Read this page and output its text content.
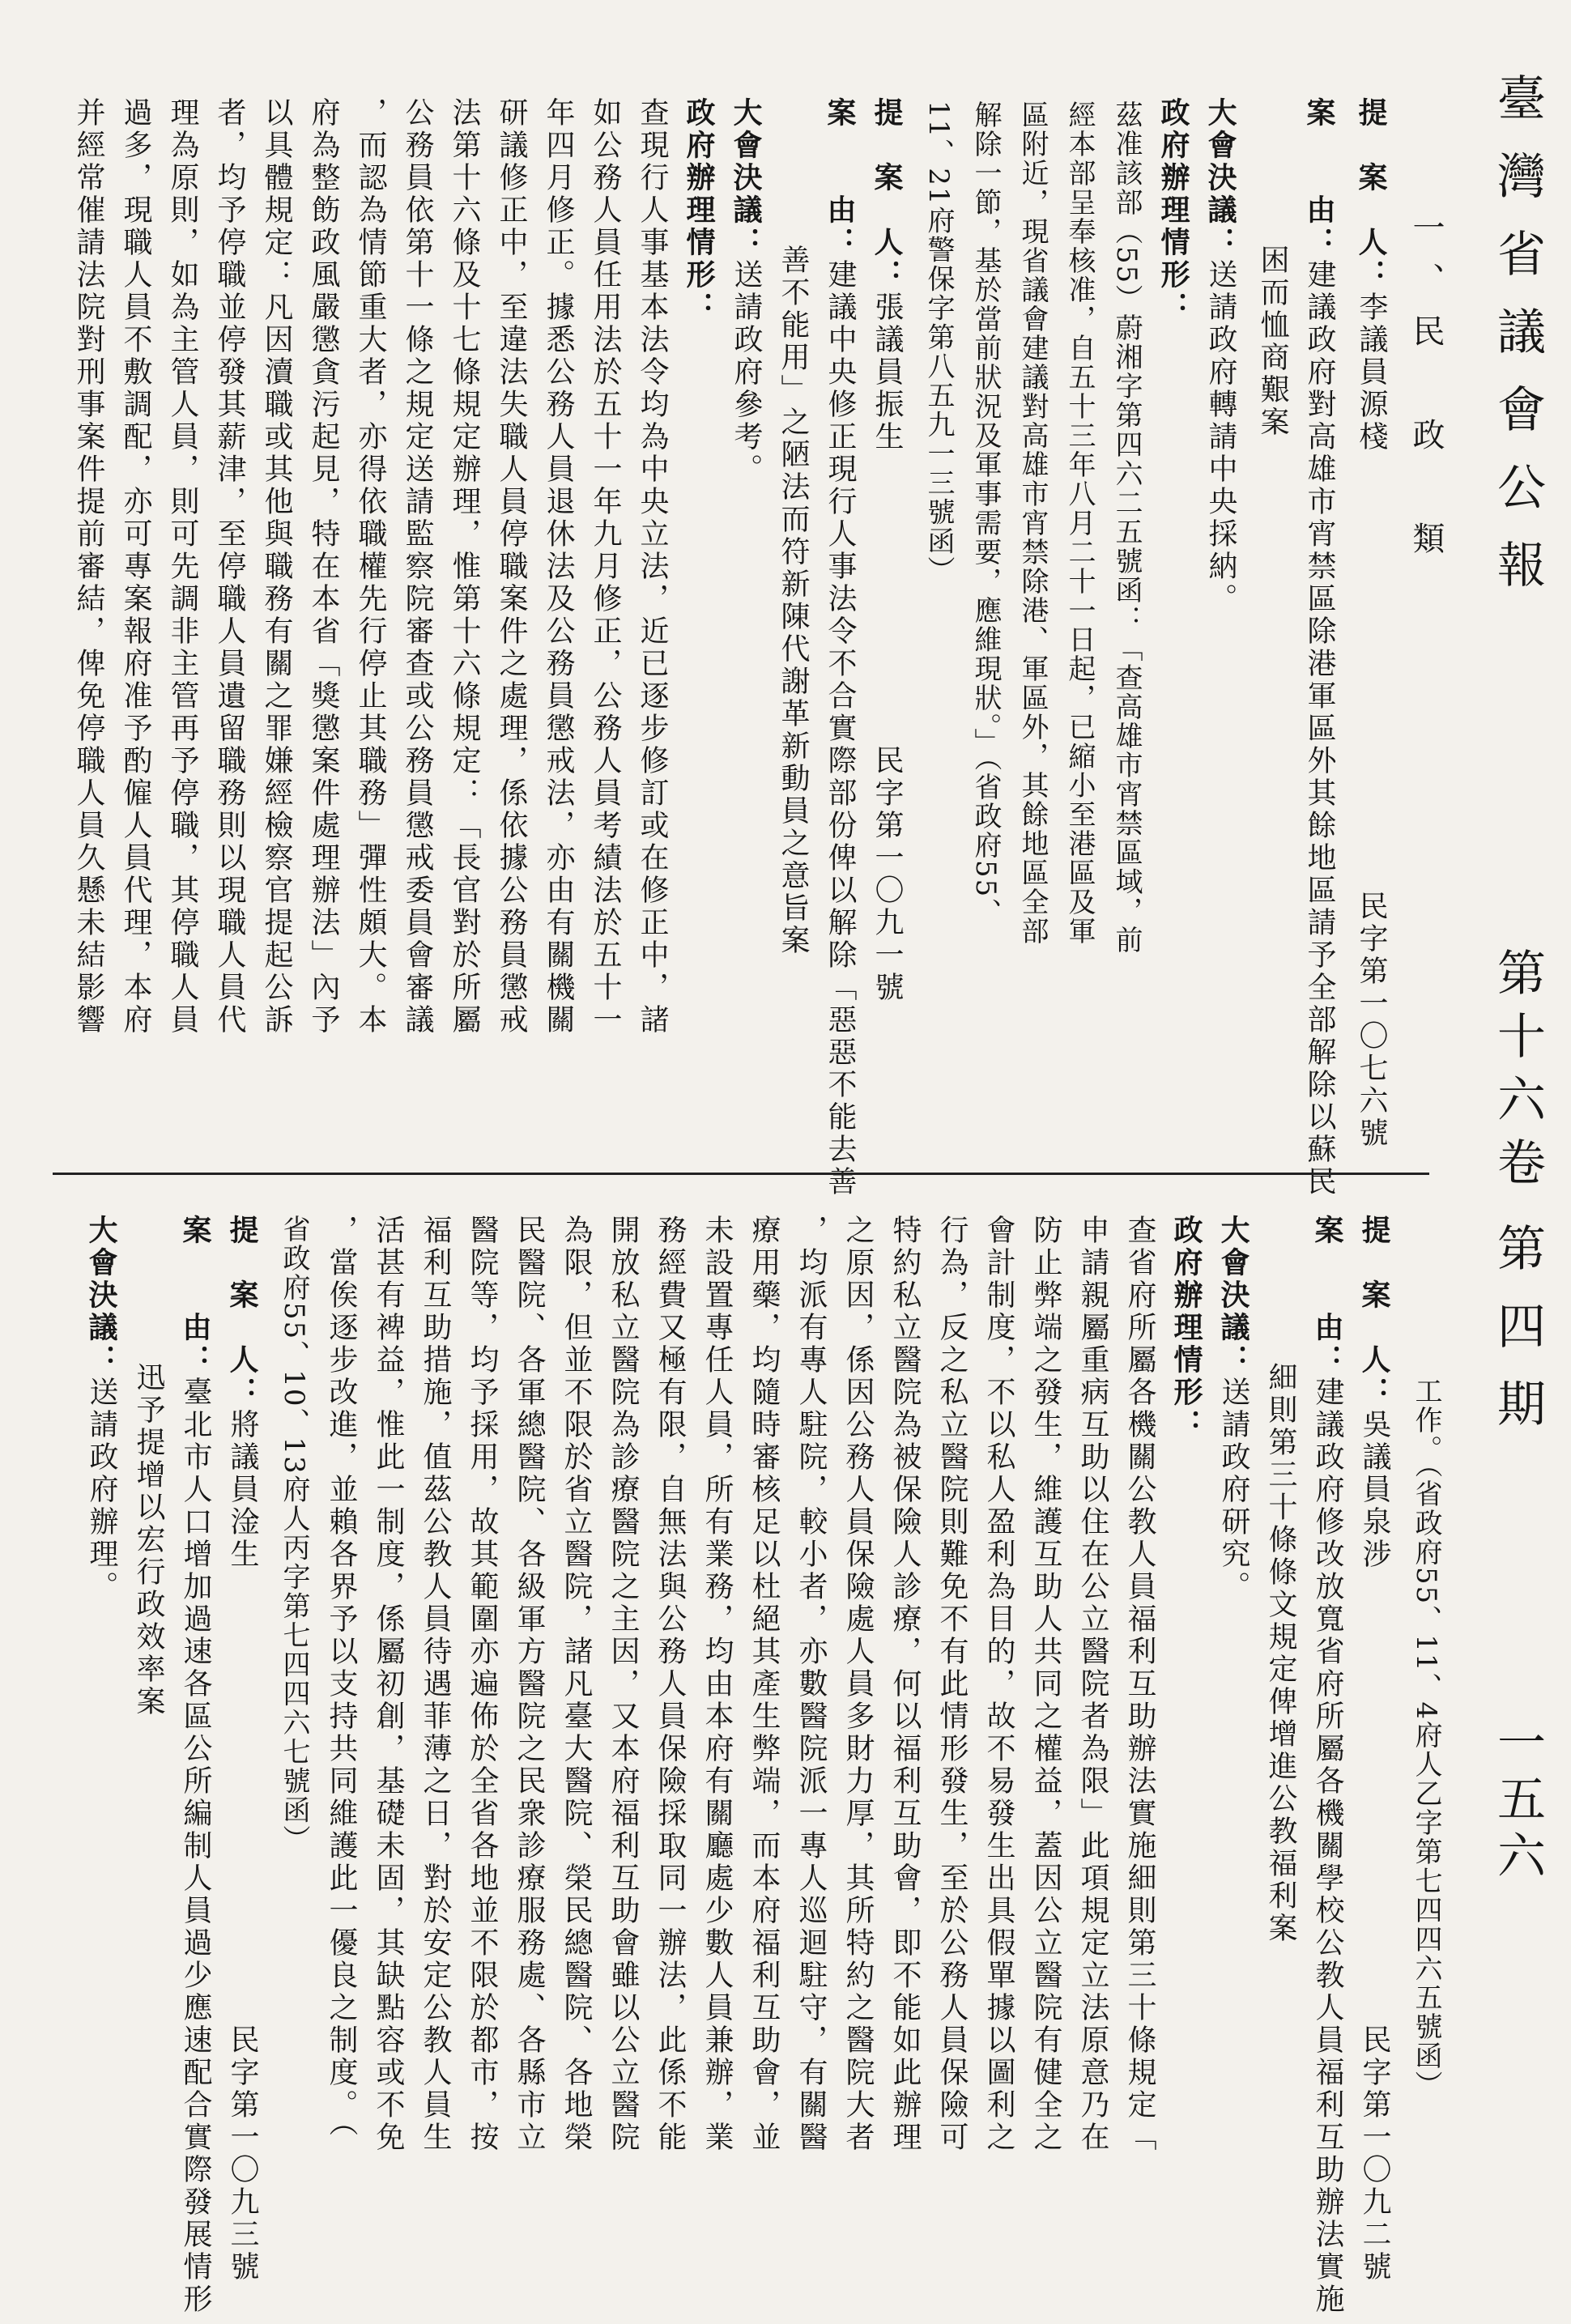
臺灣省議會公報
第十六卷
第四期
一五六
一、民　政　類
提　案　人：李議員源棧民字第一〇七六號
案　　由：建議政府對高雄市宵禁區除港軍區外其餘地區請予全部解除以蘇民
困而恤商艱案
大會決議：送請政府轉請中央採納。
政府辦理情形：
茲准該部（55）蔚湘字第四六二五號函：「查高雄市宵禁區域，前
經本部呈奉核准，自五十三年八月二十一日起，已縮小至港區及軍
區附近，現省議會建議對高雄市宵禁除港、軍區外，其餘地區全部
解除一節，基於當前狀況及軍事需要，應維現狀。」（省政府55、
11、21府警保字第八五九一三號函）
提　案　人：張議員振生民字第一〇九一號
案　　由：建議中央修正現行人事法令不合實際部份俾以解除「惡惡不能去善
善不能用」之陋法而符新陳代謝革新動員之意旨案
大會決議：送請政府參考。
政府辦理情形：
查現行人事基本法令均為中央立法，近已逐步修訂或在修正中，諸
如公務人員任用法於五十一年九月修正，公務人員考績法於五十一
年四月修正。據悉公務人員退休法及公務員懲戒法，亦由有關機關
研議修正中，至違法失職人員停職案件之處理，係依據公務員懲戒
法第十六條及十七條規定辦理，惟第十六條規定：「長官對於所屬
公務員依第十一條之規定送請監察院審查或公務員懲戒委員會審議
，而認為情節重大者，亦得依職權先行停止其職務」彈性頗大。本
府為整飭政風嚴懲貪污起見，特在本省「獎懲案件處理辦法」內予
以具體規定：凡因瀆職或其他與職務有關之罪嫌經檢察官提起公訴
者，均予停職並停發其薪津，至停職人員遺留職務則以現職人員代
理為原則，如為主管人員，則可先調非主管再予停職，其停職人員
過多，現職人員不敷調配，亦可專案報府准予酌僱人員代理，本府
并經常催請法院對刑事案件提前審結，俾免停職人員久懸未結影響
工作。（省政府55、11、4府人乙字第七四四六五號函）
提　案　人：吳議員泉涉民字第一〇九二號
案　　由：建議政府修改放寬省府所屬各機關學校公教人員福利互助辦法實施
細則第三十條條文規定俾增進公教福利案
大會決議：送請政府研究。
政府辦理情形：
查省府所屬各機關公教人員福利互助辦法實施細則第三十條規定「
申請親屬重病互助以住在公立醫院者為限」此項規定立法原意乃在
防止弊端之發生，維護互助人共同之權益，蓋因公立醫院有健全之
會計制度，不以私人盈利為目的，故不易發生出具假單據以圖利之
行為，反之私立醫院則難免不有此情形發生，至於公務人員保險可
特約私立醫院為被保險人診療，何以福利互助會，即不能如此辦理
之原因，係因公務人員保險處人員多財力厚，其所特約之醫院大者
，均派有專人駐院，較小者，亦數醫院派一專人巡迴駐守，有關醫
療用藥，均隨時審核足以杜絕其產生弊端，而本府福利互助會，並
未設置專任人員，所有業務，均由本府有關廳處少數人員兼辦，業
務經費又極有限，自無法與公務人員保險採取同一辦法，此係不能
開放私立醫院為診療醫院之主因，又本府福利互助會雖以公立醫院
為限，但並不限於省立醫院，諸凡臺大醫院、榮民總醫院、各地榮
民醫院、各軍總醫院、各級軍方醫院之民衆診療服務處、各縣市立
醫院等，均予採用，故其範圍亦遍佈於全省各地並不限於都市，按
福利互助措施，值茲公教人員待遇菲薄之日，對於安定公教人員生
活甚有裨益，惟此一制度，係屬初創，基礎未固，其缺點容或不免
，當俟逐步改進，並賴各界予以支持共同維護此一優良之制度。（
省政府55、10、13府人丙字第七四四六七號函）
提　案　人：將議員淦生民字第一〇九三號
案　　由：臺北市人口增加過速各區公所編制人員過少應速配合實際發展情形
迅予提增以宏行政效率案
大會決議：送請政府辦理。
